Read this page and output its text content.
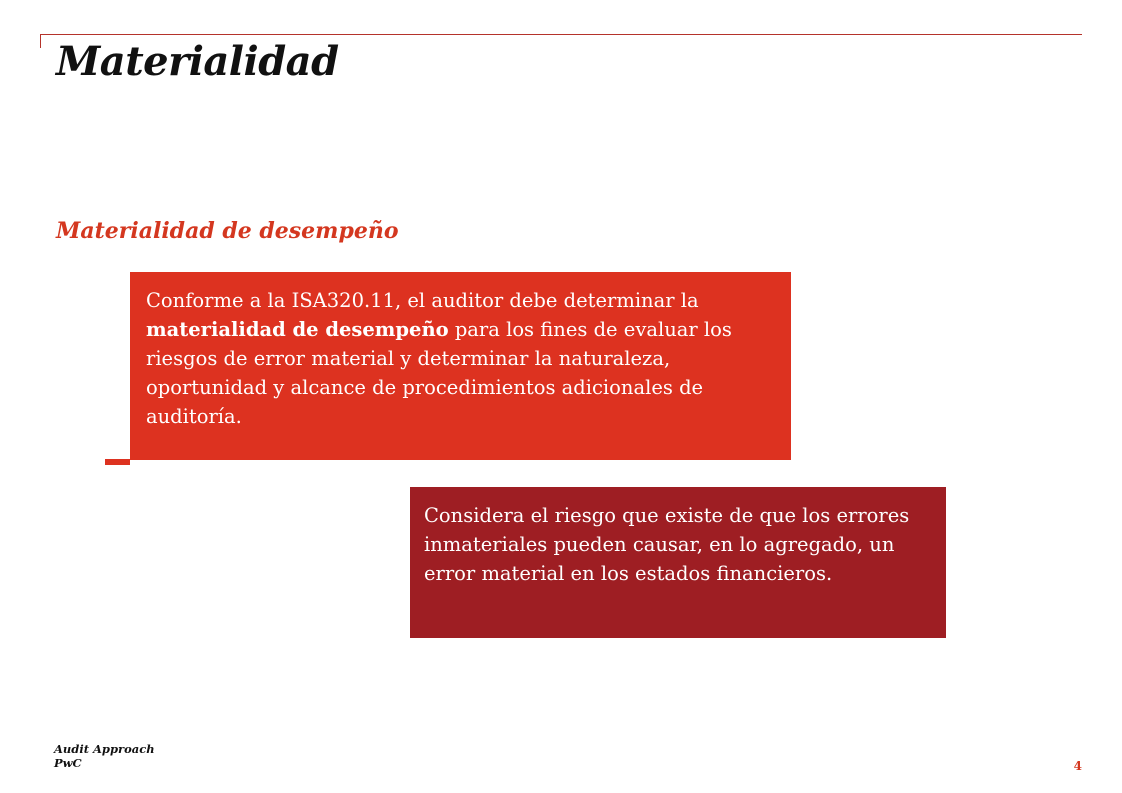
Materialidad
Materialidad de desempeño
Conforme a la ISA320.11, el auditor debe determinar la materialidad de desempeño para los fines de evaluar los riesgos de error material y determinar la naturaleza, oportunidad y alcance de procedimientos adicionales de auditoría.
Considera el riesgo que existe de que los errores inmateriales pueden causar, en lo agregado, un error material en los estados financieros.
Audit Approach
PwC	4
